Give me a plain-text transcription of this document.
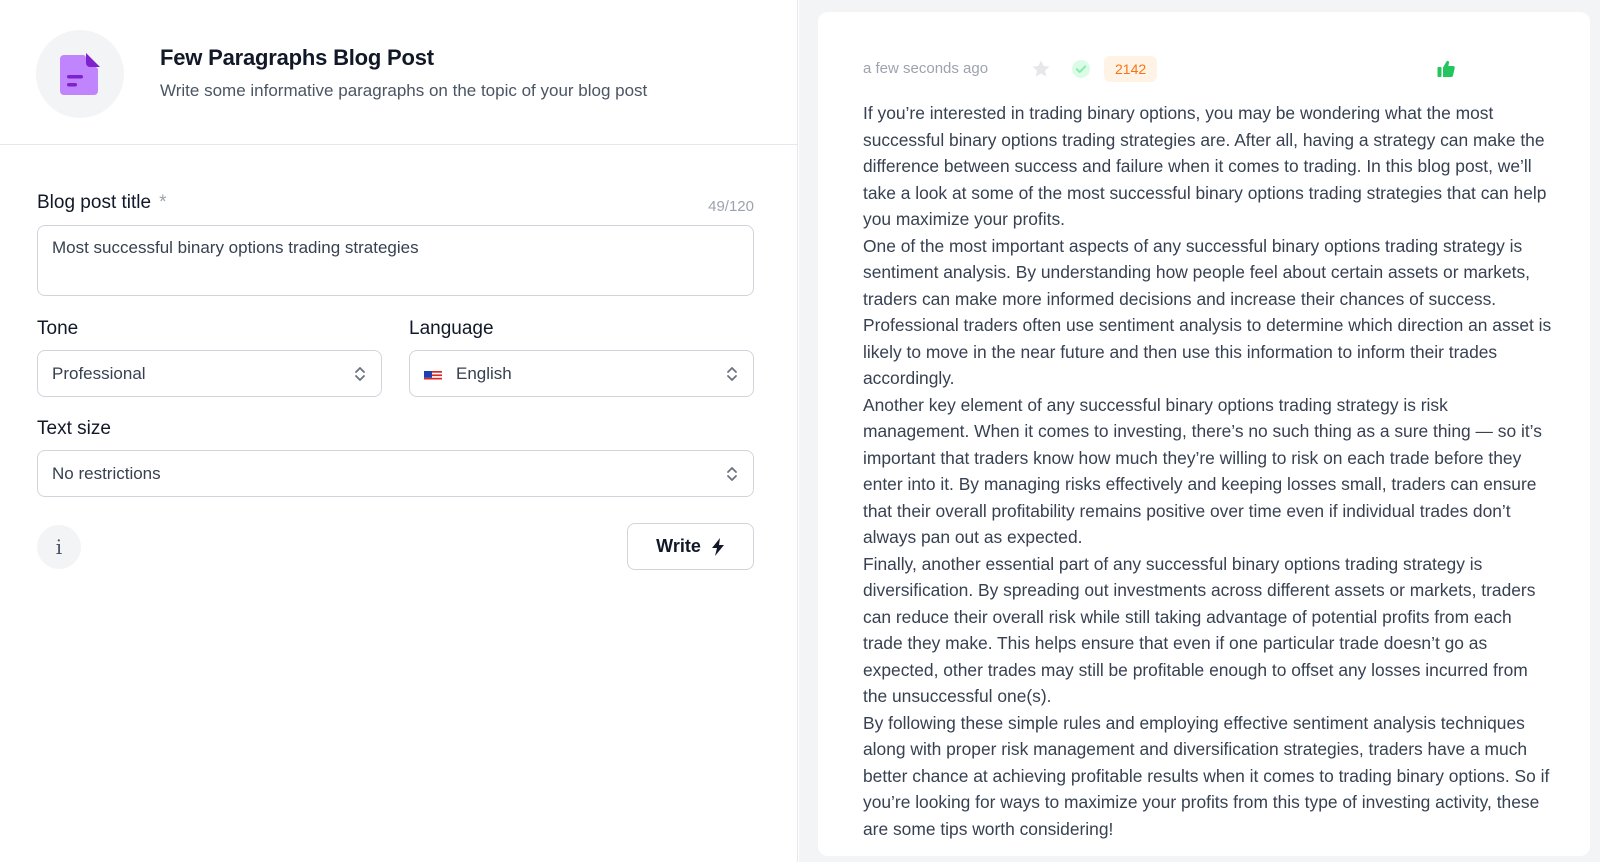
Few Paragraphs Blog Post
Write some informative paragraphs on the topic of your blog post
Blog post title *	49/120
Most successful binary options trading strategies
Tone
Professional
Language
English
Text size
No restrictions
i	Write
a few seconds ago	2142

If you’re interested in trading binary options, you may be wondering what the most successful binary options trading strategies are. After all, having a strategy can make the difference between success and failure when it comes to trading. In this blog post, we’ll take a look at some of the most successful binary options trading strategies that can help you maximize your profits.

One of the most important aspects of any successful binary options trading strategy is sentiment analysis. By understanding how people feel about certain assets or markets, traders can make more informed decisions and increase their chances of success. Professional traders often use sentiment analysis to determine which direction an asset is likely to move in the near future and then use this information to inform their trades accordingly.

Another key element of any successful binary options trading strategy is risk management. When it comes to investing, there’s no such thing as a sure thing — so it’s important that traders know how much they’re willing to risk on each trade before they enter into it. By managing risks effectively and keeping losses small, traders can ensure that their overall profitability remains positive over time even if individual trades don’t always pan out as expected.

Finally, another essential part of any successful binary options trading strategy is diversification. By spreading out investments across different assets or markets, traders can reduce their overall risk while still taking advantage of potential profits from each trade they make. This helps ensure that even if one particular trade doesn’t go as expected, other trades may still be profitable enough to offset any losses incurred from the unsuccessful one(s).

By following these simple rules and employing effective sentiment analysis techniques along with proper risk management and diversification strategies, traders have a much better chance at achieving profitable results when it comes to trading binary options. So if you’re looking for ways to maximize your profits from this type of investing activity, these are some tips worth considering!
